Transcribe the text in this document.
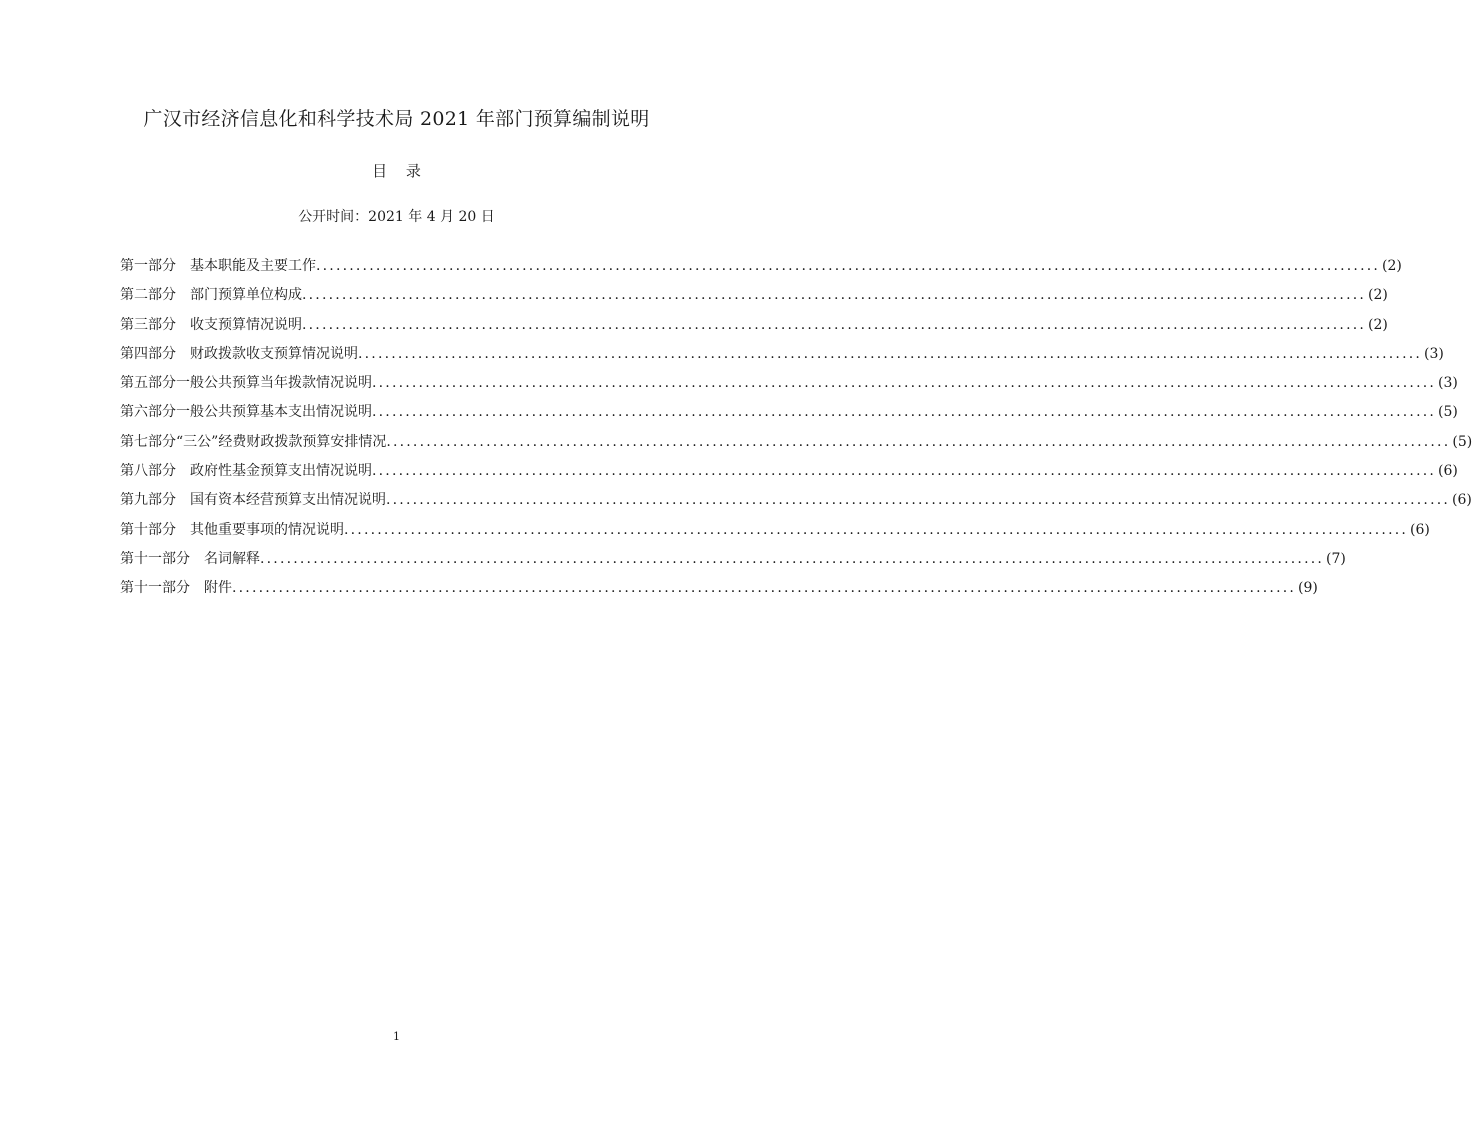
广汉市经济信息化和科学技术局 2021 年部门预算编制说明
目 录
公开时间：2021 年 4 月 20 日
第一部分
　 基本职能及主要工作 ................................................................................................................................................................ (2)
第二部分
　 部门预算单位构成 ................................................................................................................................................................ (2)
第三部分
　 收支预算情况说明 ................................................................................................................................................................ (2)
第四部分
　 财政拨款收支预算情况说明 ................................................................................................................................................................ (3)
第五部分 一般公共预算当年拨款情况说明 ................................................................................................................................................................ (3)
第六部分 一般公共预算基本支出情况说明 ................................................................................................................................................................ (5)
第七部分 “三公”经费财政拨款预算安排情况 ................................................................................................................................................................ (5)
第八部分
　 政府性基金预算支出情况说明 ................................................................................................................................................................ (6)
第九部分
　 国有资本经营预算支出情况说明 ................................................................................................................................................................ (6)
第十部分
　 其他重要事项的情况说明 ................................................................................................................................................................ (6)
第十一部分
　 名词解释 ................................................................................................................................................................ (7)
第十一部分
　 附件 ................................................................................................................................................................ (9)
1
